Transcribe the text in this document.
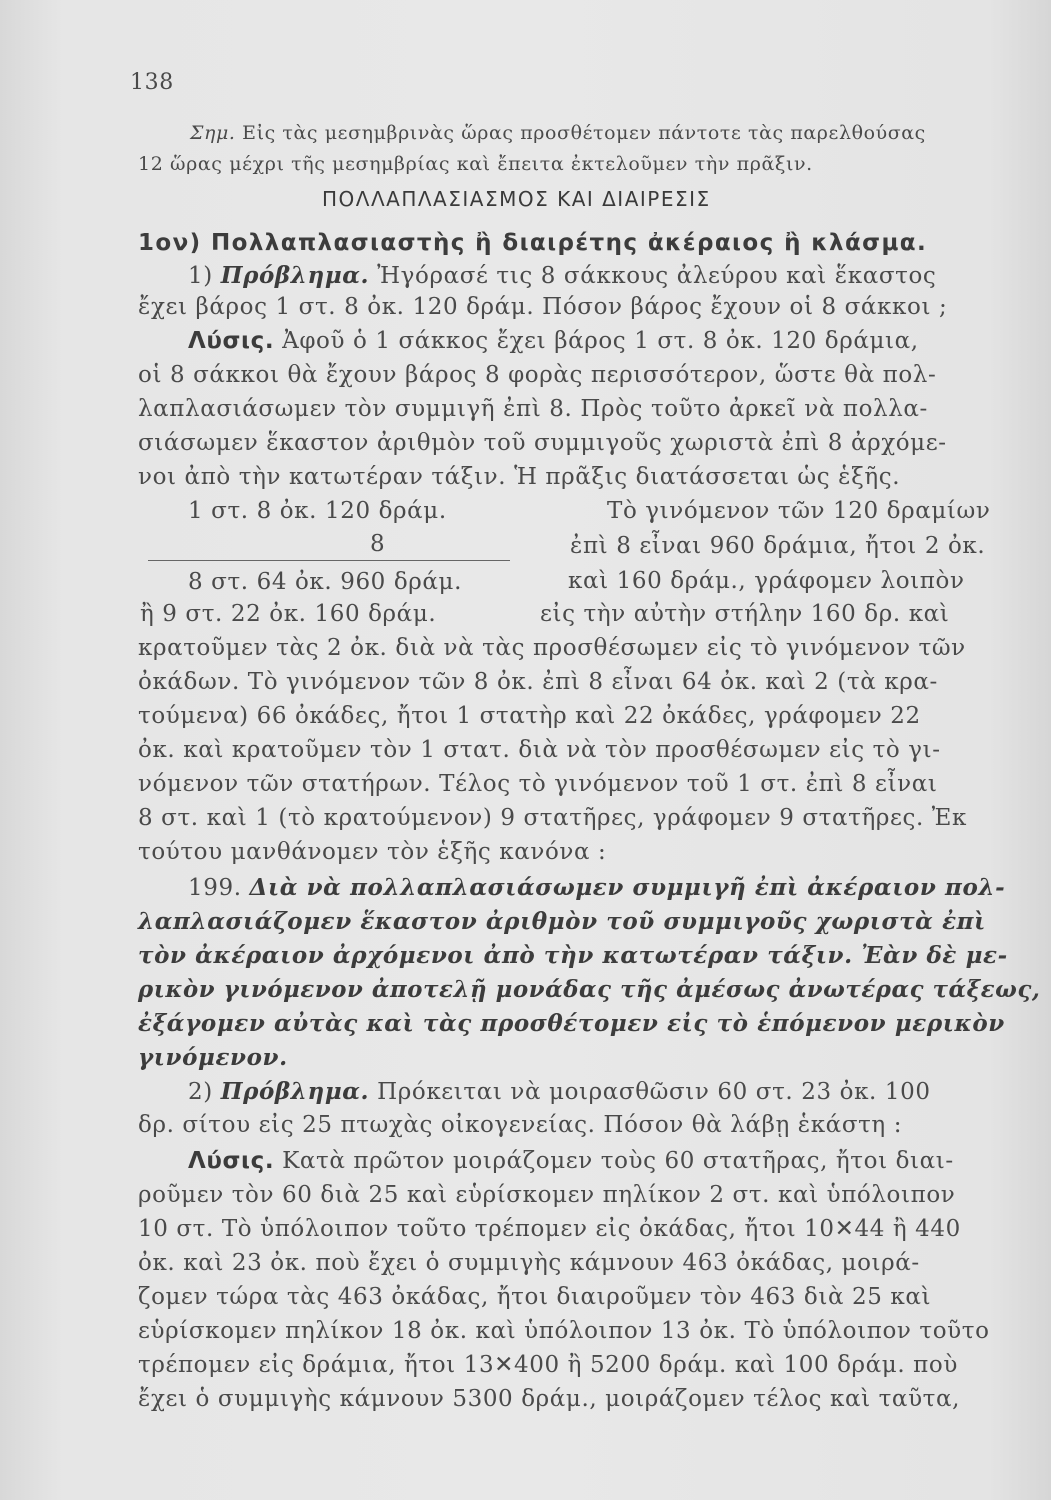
138
Σημ. Εἰς τὰς μεσημβρινὰς ὥρας προσθέτομεν πάντοτε τὰς παρελθούσας
12 ὥρας μέχρι τῆς μεσημβρίας καὶ ἔπειτα ἐκτελοῦμεν τὴν πρᾶξιν.
ΠΟΛΛΑΠΛΑΣΙΑΣΜΟΣ ΚΑΙ ΔΙΑΙΡΕΣΙΣ
1ον) Πολλαπλασιαστὴς ἢ διαιρέτης ἀκέραιος ἢ κλάσμα.
1) Πρόβλημα. Ἠγόρασέ τις 8 σάκκους ἀλεύρου καὶ ἕκαστος
ἔχει βάρος 1 στ. 8 ὀκ. 120 δράμ. Πόσον βάρος ἔχουν οἱ 8 σάκκοι ;
Λύσις. Ἀφοῦ ὁ 1 σάκκος ἔχει βάρος 1 στ. 8 ὀκ. 120 δράμια,
οἱ 8 σάκκοι θὰ ἔχουν βάρος 8 φορὰς περισσότερον, ὥστε θὰ πολ-
λαπλασιάσωμεν τὸν συμμιγῆ ἐπὶ 8. Πρὸς τοῦτο ἀρκεῖ νὰ πολλα-
σιάσωμεν ἕκαστον ἀριθμὸν τοῦ συμμιγοῦς χωριστὰ ἐπὶ 8 ἀρχόμε-
νοι ἀπὸ τὴν κατωτέραν τάξιν. Ἡ πρᾶξις διατάσσεται ὡς ἑξῆς.
1 στ. 8 ὀκ. 120 δράμ.
8
8 στ. 64 ὀκ. 960 δράμ.
ἢ 9 στ. 22 ὀκ. 160 δράμ.
Τὸ γινόμενον τῶν 120 δραμίων
ἐπὶ 8 εἶναι 960 δράμια, ἤτοι 2 ὀκ.
καὶ 160 δράμ., γράφομεν λοιπὸν
εἰς τὴν αὐτὴν στήλην 160 δρ. καὶ
κρατοῦμεν τὰς 2 ὀκ. διὰ νὰ τὰς προσθέσωμεν εἰς τὸ γινόμενον τῶν
ὀκάδων. Τὸ γινόμενον τῶν 8 ὀκ. ἐπὶ 8 εἶναι 64 ὀκ. καὶ 2 (τὰ κρα-
τούμενα) 66 ὀκάδες, ἤτοι 1 στατὴρ καὶ 22 ὀκάδες, γράφομεν 22
ὀκ. καὶ κρατοῦμεν τὸν 1 στατ. διὰ νὰ τὸν προσθέσωμεν εἰς τὸ γι-
νόμενον τῶν στατήρων. Τέλος τὸ γινόμενον τοῦ 1 στ. ἐπὶ 8 εἶναι
8 στ. καὶ 1 (τὸ κρατούμενον) 9 στατῆρες, γράφομεν 9 στατῆρες. Ἐκ
τούτου μανθάνομεν τὸν ἑξῆς κανόνα :
199. Διὰ νὰ πολλαπλασιάσωμεν συμμιγῆ ἐπὶ ἀκέραιον πολ-
λαπλασιάζομεν ἕκαστον ἀριθμὸν τοῦ συμμιγοῦς χωριστὰ ἐπὶ
τὸν ἀκέραιον ἀρχόμενοι ἀπὸ τὴν κατωτέραν τάξιν. Ἐὰν δὲ με-
ρικὸν γινόμενον ἀποτελῇ μονάδας τῆς ἀμέσως ἀνωτέρας τάξεως,
ἐξάγομεν αὐτὰς καὶ τὰς προσθέτομεν εἰς τὸ ἑπόμενον μερικὸν
γινόμενον.
2) Πρόβλημα. Πρόκειται νὰ μοιρασθῶσιν 60 στ. 23 ὀκ. 100
δρ. σίτου εἰς 25 πτωχὰς οἰκογενείας. Πόσον θὰ λάβῃ ἑκάστη :
Λύσις. Κατὰ πρῶτον μοιράζομεν τοὺς 60 στατῆρας, ἤτοι διαι-
ροῦμεν τὸν 60 διὰ 25 καὶ εὑρίσκομεν πηλίκον 2 στ. καὶ ὑπόλοιπον
10 στ. Τὸ ὑπόλοιπον τοῦτο τρέπομεν εἰς ὀκάδας, ἤτοι 10✕44 ἢ 440
ὀκ. καὶ 23 ὀκ. ποὺ ἔχει ὁ συμμιγὴς κάμνουν 463 ὀκάδας, μοιρά-
ζομεν τώρα τὰς 463 ὀκάδας, ἤτοι διαιροῦμεν τὸν 463 διὰ 25 καὶ
εὑρίσκομεν πηλίκον 18 ὀκ. καὶ ὑπόλοιπον 13 ὀκ. Τὸ ὑπόλοιπον τοῦτο
τρέπομεν εἰς δράμια, ἤτοι 13✕400 ἢ 5200 δράμ. καὶ 100 δράμ. ποὺ
ἔχει ὁ συμμιγὴς κάμνουν 5300 δράμ., μοιράζομεν τέλος καὶ ταῦτα,
